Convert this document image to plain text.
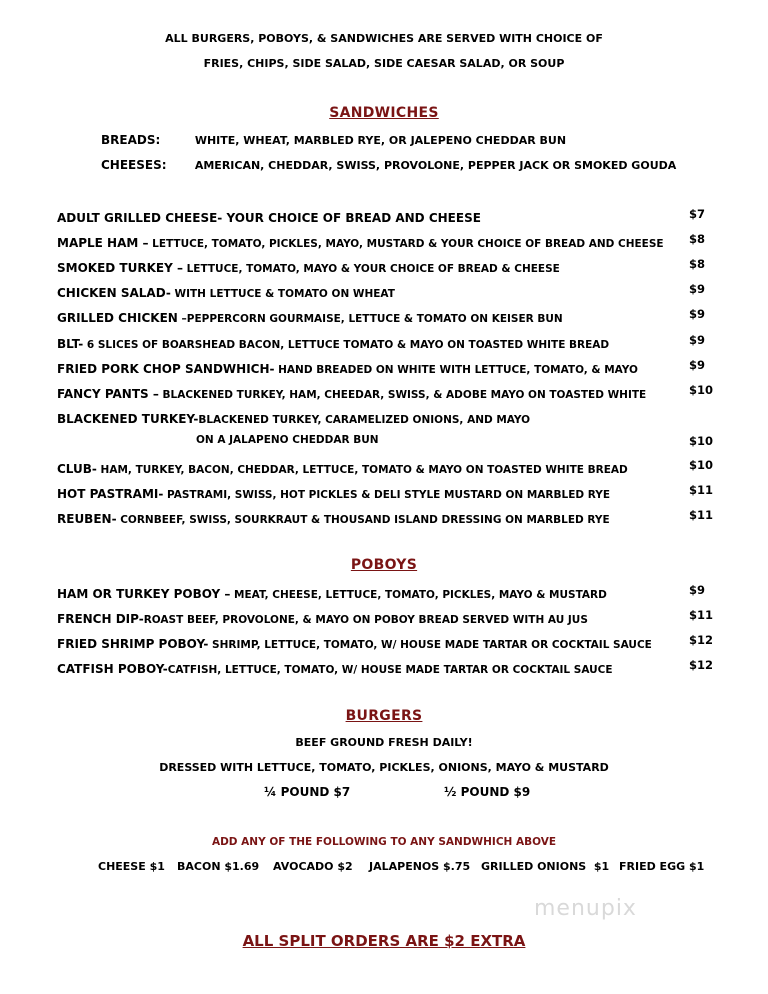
ALL BURGERS, POBOYS, & SANDWICHES ARE SERVED WITH CHOICE OF
FRIES, CHIPS, SIDE SALAD, SIDE CAESAR SALAD, OR SOUP
SANDWICHES
BREADS:	WHITE, WHEAT, MARBLED RYE, OR JALEPENO CHEDDAR BUN
CHEESES:	AMERICAN, CHEDDAR, SWISS, PROVOLONE, PEPPER JACK OR SMOKED GOUDA
ADULT GRILLED CHEESE- YOUR CHOICE OF BREAD AND CHEESE	$7
MAPLE HAM – LETTUCE, TOMATO, PICKLES, MAYO, MUSTARD & YOUR CHOICE OF BREAD AND CHEESE $8
SMOKED TURKEY – LETTUCE, TOMATO, MAYO & YOUR CHOICE OF BREAD & CHEESE	$8
CHICKEN SALAD- WITH LETTUCE & TOMATO ON WHEAT	$9
GRILLED CHICKEN –PEPPERCORN GOURMAISE, LETTUCE & TOMATO ON KEISER BUN	$9
BLT- 6 SLICES OF BOARSHEAD BACON, LETTUCE TOMATO & MAYO ON TOASTED WHITE BREAD	$9
FRIED PORK CHOP SANDWHICH- HAND BREADED ON WHITE WITH LETTUCE, TOMATO, & MAYO	$9
FANCY PANTS – BLACKENED TURKEY, HAM, CHEEDAR, SWISS, & ADOBE MAYO ON TOASTED WHITE	$10
BLACKENED TURKEY-BLACKENED TURKEY, CARAMELIZED ONIONS, AND MAYO
ON A JALAPENO CHEDDAR BUN	$10
CLUB- HAM, TURKEY, BACON, CHEDDAR, LETTUCE, TOMATO & MAYO ON TOASTED WHITE BREAD	$10
HOT PASTRAMI- PASTRAMI, SWISS, HOT PICKLES & DELI STYLE MUSTARD ON MARBLED RYE	$11
REUBEN- CORNBEEF, SWISS, SOURKRAUT & THOUSAND ISLAND DRESSING ON MARBLED RYE	$11
POBOYS
HAM OR TURKEY POBOY – MEAT, CHEESE, LETTUCE, TOMATO, PICKLES, MAYO & MUSTARD	$9
FRENCH DIP-ROAST BEEF, PROVOLONE, & MAYO ON POBOY BREAD SERVED WITH AU JUS	$11
FRIED SHRIMP POBOY- SHRIMP, LETTUCE, TOMATO, W/ HOUSE MADE TARTAR OR COCKTAIL SAUCE	$12
CATFISH POBOY-CATFISH, LETTUCE, TOMATO, W/ HOUSE MADE TARTAR OR COCKTAIL SAUCE	$12
BURGERS
BEEF GROUND FRESH DAILY!
DRESSED WITH LETTUCE, TOMATO, PICKLES, ONIONS, MAYO & MUSTARD
¼ POUND $7	½ POUND $9
ADD ANY OF THE FOLLOWING TO ANY SANDWHICH ABOVE
CHEESE $1 BACON $1.69 AVOCADO $2 JALAPENOS $.75 GRILLED ONIONS  $1 FRIED EGG $1
menupix
ALL SPLIT ORDERS ARE $2 EXTRA
